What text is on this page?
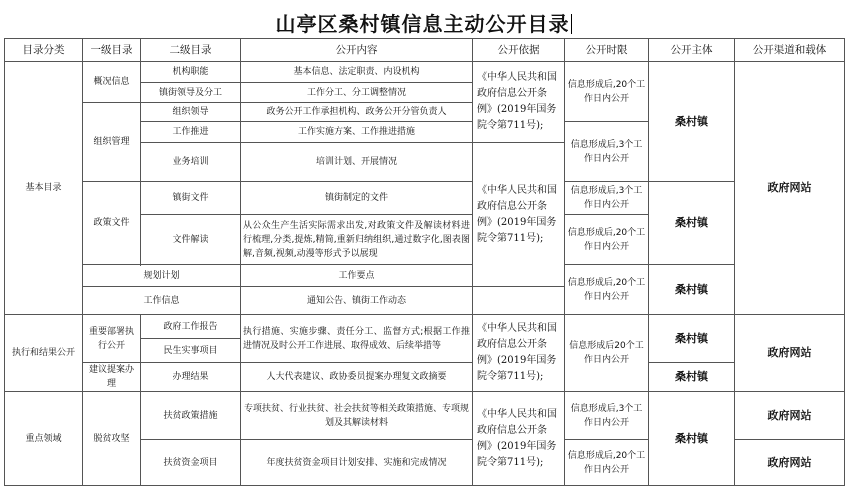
山亭区桑村镇信息主动公开目录
目录分类	一级目录	二级目录	公开内容	公开依据	公开时限	公开主体	公开渠道和载体
基本目录	概况信息	机构职能	基本信息、法定职责、内设机构	《中华人民共和国政府信息公开条例》(2019年国务院令第711号);	信息形成后,20个工作日内公开	桑村镇	政府网站
		镇街领导及分工	工作分工、分工调整情况				
	组织管理	组织领导	政务公开工作承担机构、政务公开分管负责人				
		工作推进	工作实施方案、工作推进措施		信息形成后,3个工作日内公开		
		业务培训	培训计划、开展情况	《中华人民共和国政府信息公开条例》(2019年国务院令第711号);			
	政策文件	镇街文件	镇街制定的文件		信息形成后,3个工作日内公开	桑村镇	
		文件解读	从公众生产生活实际需求出发,对政策文件及解读材料进行梳理,分类,提炼,精简,重新归纳组织,通过数字化,图表图解,音频,视频,动漫等形式予以展现		信息形成后,20个工作日内公开		

	规划计划		工作要点		信息形成后,20个工作日内公开	桑村镇	
	工作信息		通知公告、镇街工作动态				
执行和结果公开	重要部署执行公开	政府工作报告	执行措施、实施步骤、责任分工、监督方式;根据工作推进情况及时公开工作进展、取得成效、后续举措等	《中华人民共和国政府信息公开条例》(2019年国务院令第711号);	信息形成后20个工作日内公开	桑村镇	政府网站
		民生实事项目					
	建议提案办理	办理结果	人大代表建议、政协委员提案办理复文政摘要			桑村镇	
重点领域	脱贫攻坚	扶贫政策措施	专项扶贫、行业扶贫、社会扶贫等相关政策措施、专项规划及其解读材料	《中华人民共和国政府信息公开条例》(2019年国务院令第711号);	信息形成后,3个工作日内公开	桑村镇	政府网站
		扶贫资金项目	年度扶贫资金项目计划安排、实施和完成情况		信息形成后,20个工作日内公开		政府网站
